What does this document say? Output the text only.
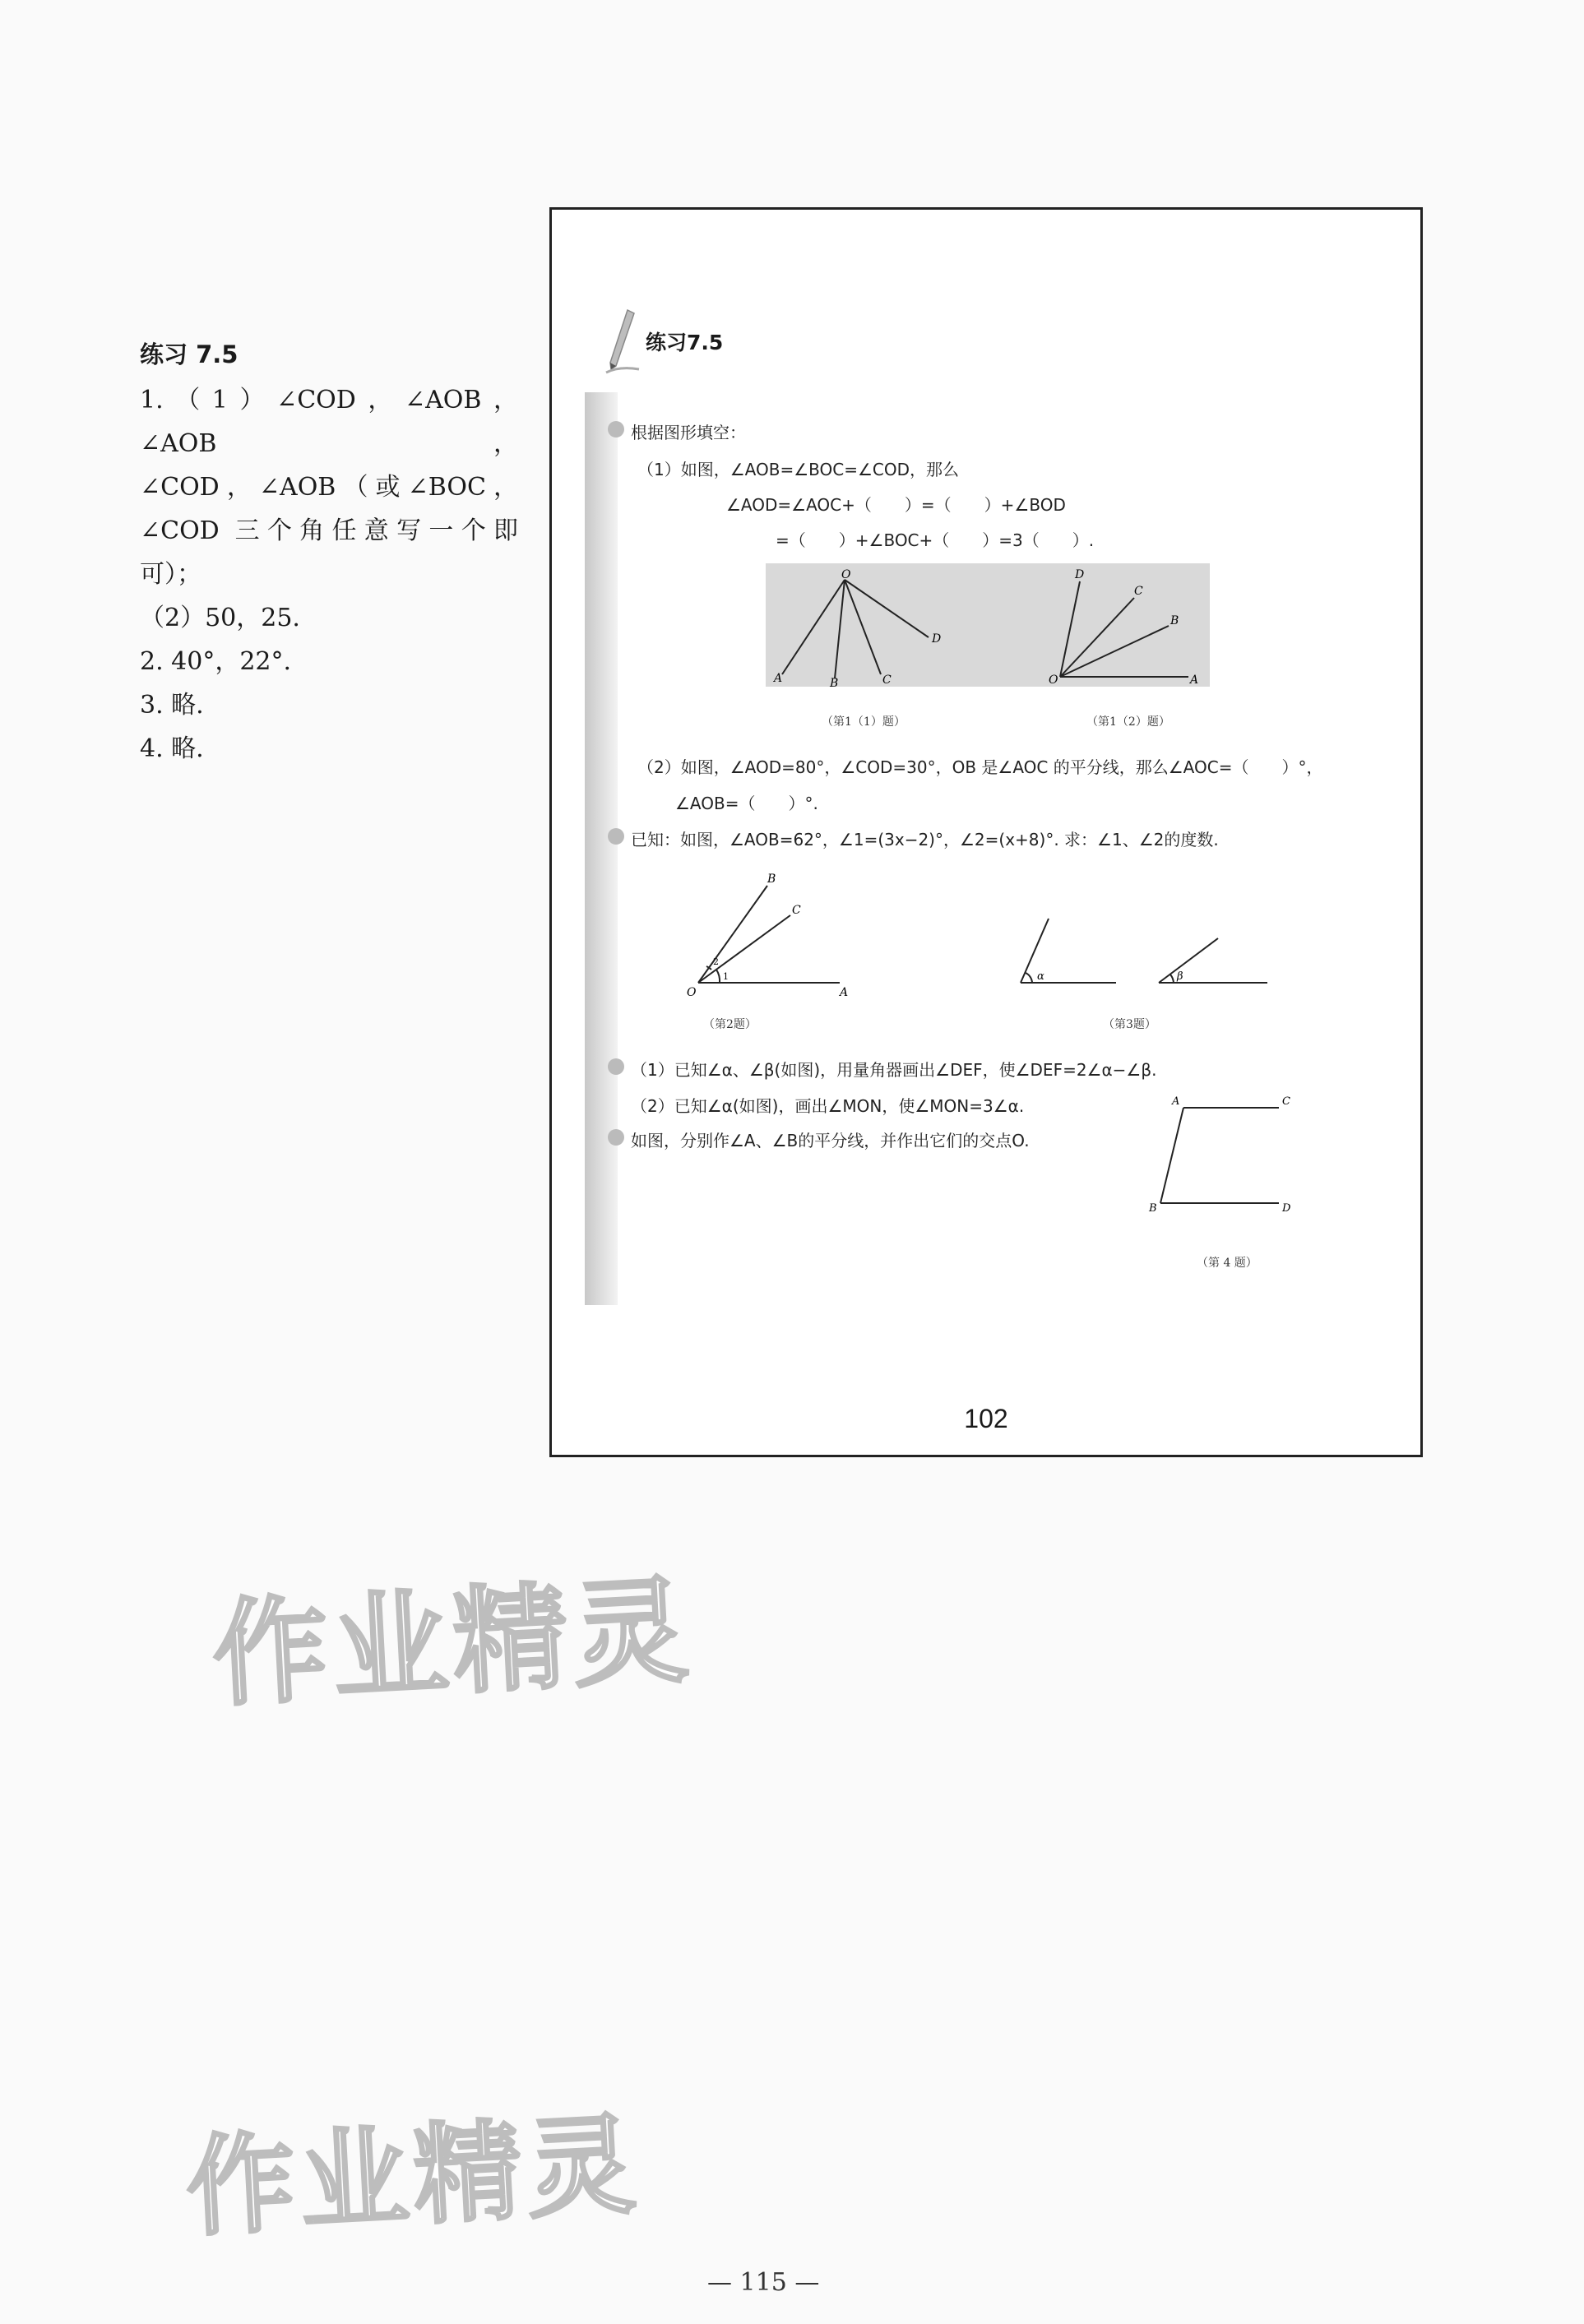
练习 7.5
1.（1）∠COD，∠AOB，∠AOB，
∠COD，∠AOB（或∠BOC，
∠COD 三个角任意写一个即
可）；
（2）50，25.
2. 40°，22°.
3. 略.
4. 略.
练习7.5
根据图形填空：
（1）如图，∠AOB=∠BOC=∠COD，那么
∠AOD=∠AOC+（　　）=（　　）+∠BOD
=（　　）+∠BOC+（　　）=3（　　）.
O
A	B	C
D
D
C
B
O	A
（第1（1）题）	（第1（2）题）
（2）如图，∠AOD=80°，∠COD=30°，OB 是∠AOC 的平分线，那么∠AOC=（　　）°，
∠AOB=（　　）°.
已知：如图，∠AOB=62°，∠1=(3x−2)°，∠2=(x+8)°. 求：∠1、∠2的度数.
B
C
O	A
1
2
α	β
（第2题）	（第3题）
（1）已知∠α、∠β(如图)，用量角器画出∠DEF，使∠DEF=2∠α−∠β.
（2）已知∠α(如图)，画出∠MON，使∠MON=3∠α.
如图，分别作∠A、∠B的平分线，并作出它们的交点O.
A	C
B	D
（第 4 题）
102
作业精灵
作业精灵
— 115 —
